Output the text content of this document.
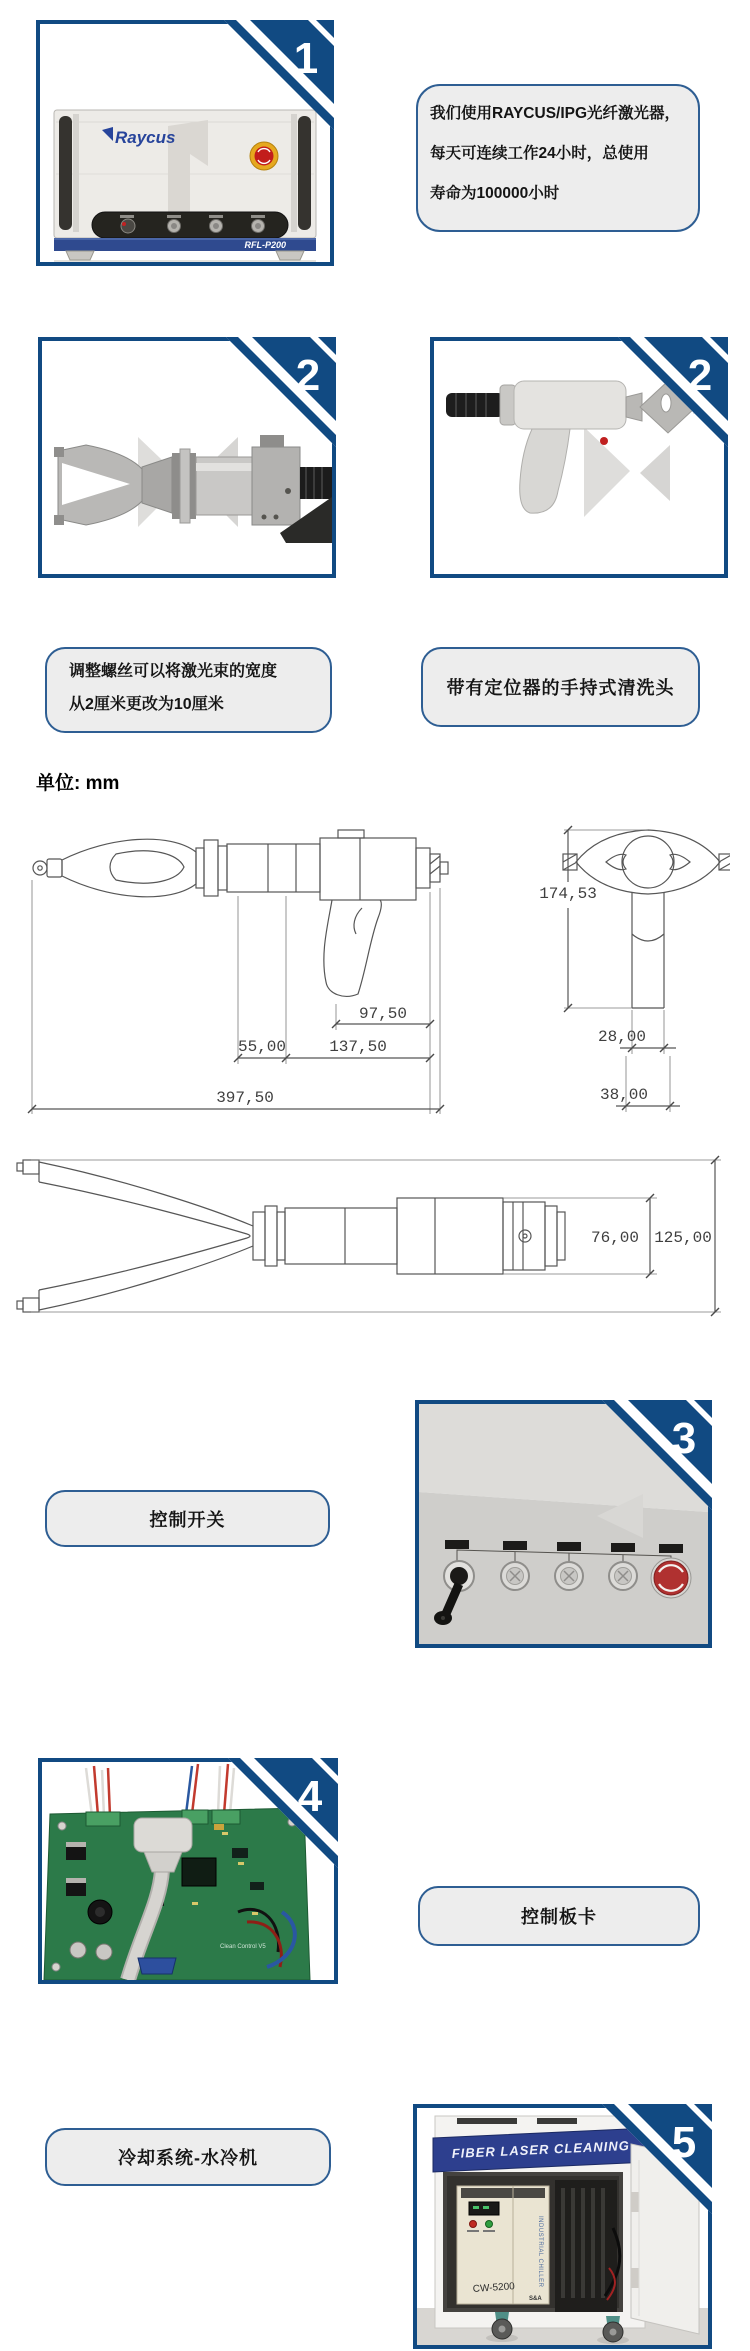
Raycus
RFL-P200
1
我们使用RAYCUS/IPG光纤激光器，
每天可连续工作24小时，总使用
寿命为100000小时
2	2
调整螺丝可以将激光束的宽度
从2厘米更改为10厘米
带有定位器的手持式清洗头
单位: mm
97,50
55,00	137,50
397,50
174,53
28,00
38,00
76,00 125,00
控制开关
3
Clean Control V5
4
控制板卡
冷却系统-水冷机	FIBER LASER CLEANING
INDUSTRIAL CHILLER
CW-5200
S&A
5
